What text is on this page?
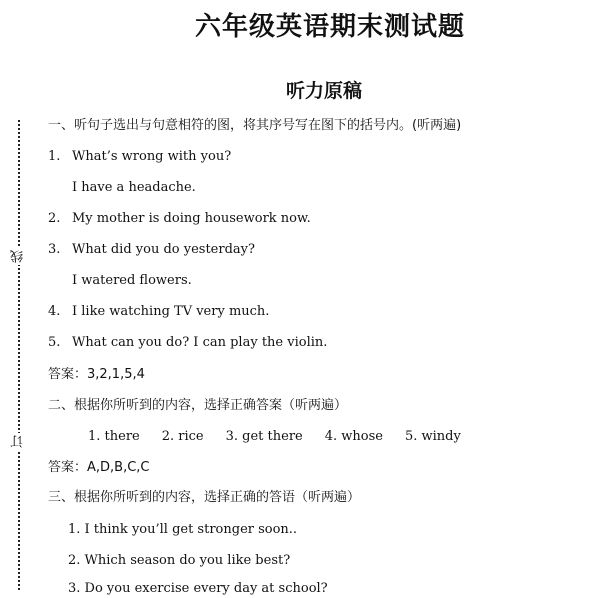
线
订
六年级英语期末测试题
听力原稿
一、听句子选出与句意相符的图，将其序号写在图下的括号内。(听两遍)
1. What’s wrong with you?
I have a headache.
2. My mother is doing housework now.
3. What did you do yesterday?
I watered flowers.
4. I like watching TV very much.
5. What can you do? I can play the violin.
答案：3,2,1,5,4
二、根据你所听到的内容，选择正确答案（听两遍）
1. there 2. rice 3. get there 4. whose 5. windy
答案：A,D,B,C,C
三、根据你所听到的内容，选择正确的答语（听两遍）
1. I think you’ll get stronger soon..
2. Which season do you like best?
3. Do you exercise every day at school?
